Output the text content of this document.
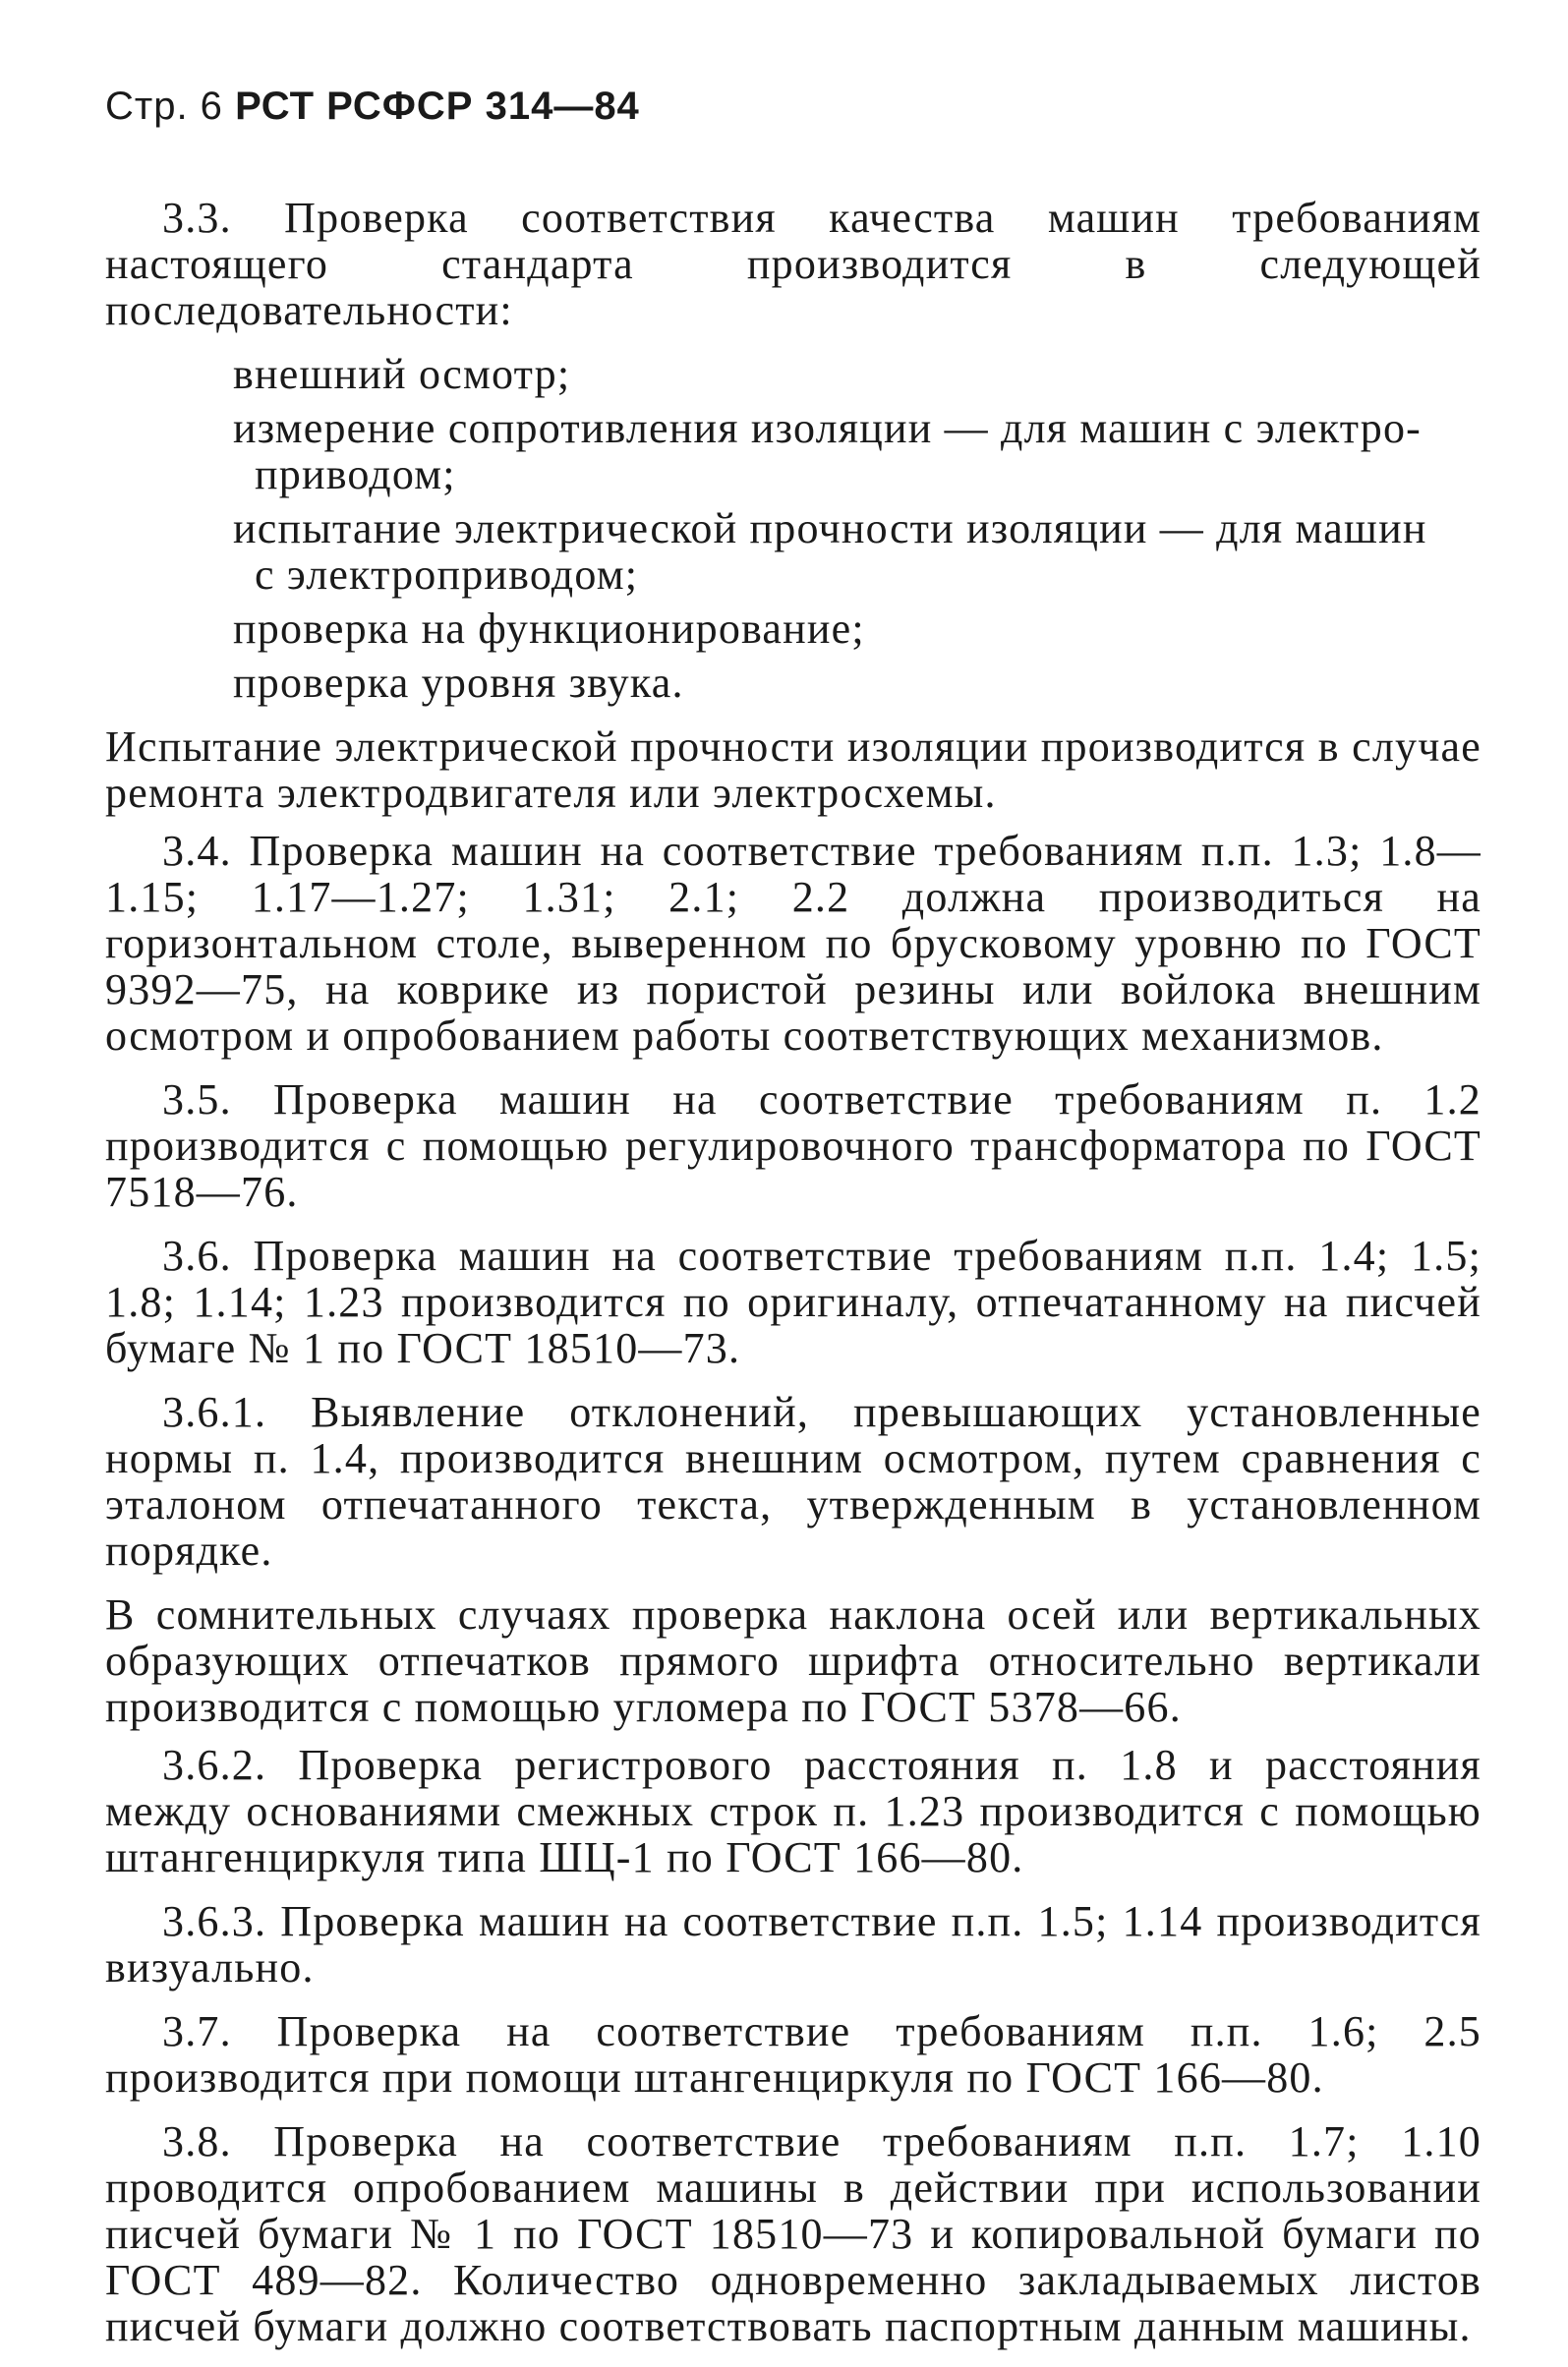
Стр. 6 РСТ РСФСР 314—84

3.3. Проверка соответствия качества машин требованиям настоящего стандарта производится в следующей последовательности:

внешний осмотр;
измерение сопротивления изоляции — для машин с электро-
приводом;
испытание электрической прочности изоляции — для машин
с электроприводом;
проверка на функционирование;
проверка уровня звука.

Испытание электрической прочности изоляции производится в случае ремонта электродвигателя или электросхемы.

3.4. Проверка машин на соответствие требованиям п.п. 1.3; 1.8—1.15; 1.17—1.27; 1.31; 2.1; 2.2 должна производиться на горизонтальном столе, выверенном по брусковому уровню по ГОСТ 9392—75, на коврике из пористой резины или войлока внешним осмотром и опробованием работы соответствующих механизмов.

3.5. Проверка машин на соответствие требованиям п. 1.2 производится с помощью регулировочного трансформатора по ГОСТ 7518—76.

3.6. Проверка машин на соответствие требованиям п.п. 1.4; 1.5; 1.8; 1.14; 1.23 производится по оригиналу, отпечатанному на писчей бумаге № 1 по ГОСТ 18510—73.

3.6.1. Выявление отклонений, превышающих установленные нормы п. 1.4, производится внешним осмотром, путем сравнения с эталоном отпечатанного текста, утвержденным в установленном порядке.

В сомнительных случаях проверка наклона осей или вертикальных образующих отпечатков прямого шрифта относительно вертикали производится с помощью угломера по ГОСТ 5378—66.

3.6.2. Проверка регистрового расстояния п. 1.8 и расстояния между основаниями смежных строк п. 1.23 производится с помощью штангенциркуля типа ШЦ-1 по ГОСТ 166—80.

3.6.3. Проверка машин на соответствие п.п. 1.5; 1.14 производится визуально.

3.7. Проверка на соответствие требованиям п.п. 1.6; 2.5 производится при помощи штангенциркуля по ГОСТ 166—80.

3.8. Проверка на соответствие требованиям п.п. 1.7; 1.10 проводится опробованием машины в действии при использовании писчей бумаги № 1 по ГОСТ 18510—73 и копировальной бумаги по ГОСТ 489—82. Количество одновременно закладываемых листов писчей бумаги должно соответствовать паспортным данным машины.
